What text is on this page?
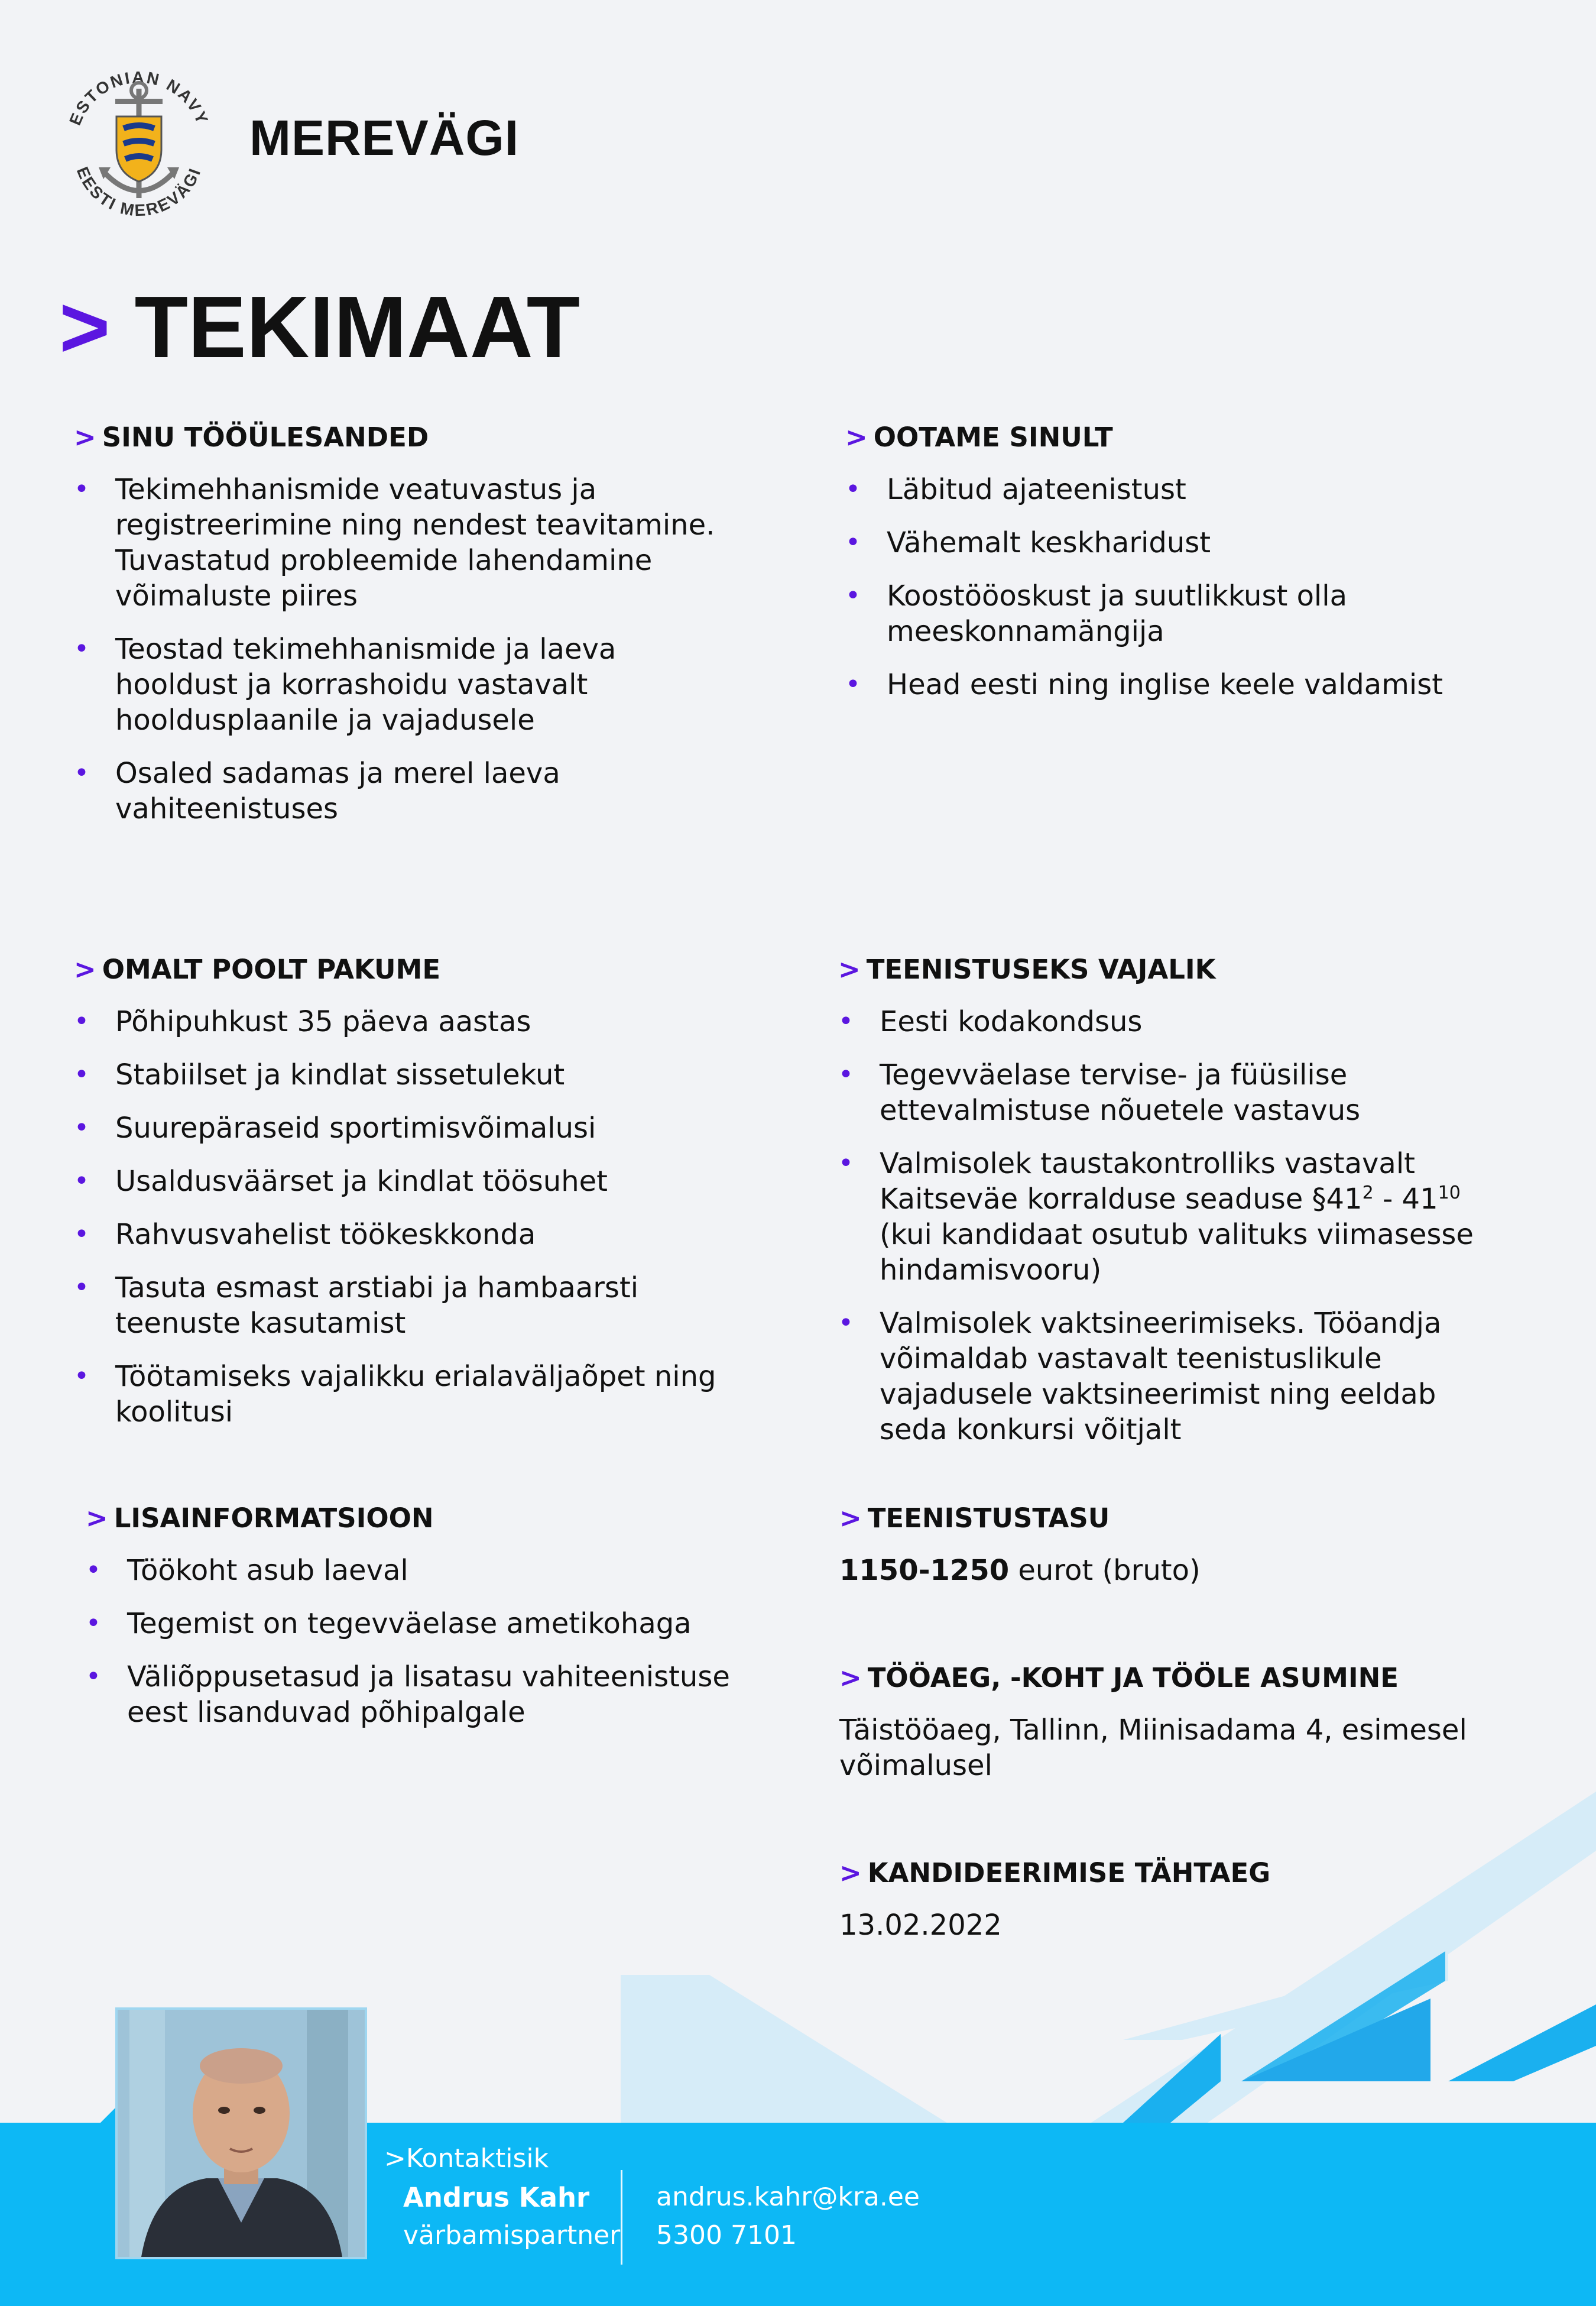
ESTONIAN NAVY
EESTI MEREVÄGI
MEREVÄGI
> TEKIMAAT
> SINU TÖÖÜLESANDED
• Tekimehhanismide veatuvastus ja registreerimine ning nendest teavitamine. Tuvastatud probleemide lahendamine võimaluste piires
• Teostad tekimehhanismide ja laeva hooldust ja korrashoidu vastavalt hooldusplaanile ja vajadusele
• Osaled sadamas ja merel laeva vahiteenistuses
> OOTAME SINULT
• Läbitud ajateenistust
• Vähemalt keskharidust
• Koostööoskust ja suutlikkust olla meeskonnamängija
• Head eesti ning inglise keele valdamist
> OMALT POOLT PAKUME
• Põhipuhkust 35 päeva aastas
• Stabiilset ja kindlat sissetulekut
• Suurepäraseid sportimisvõimalusi
• Usaldusväärset ja kindlat töösuhet
• Rahvusvahelist töökeskkonda
• Tasuta esmast arstiabi ja hambaarsti teenuste kasutamist
• Töötamiseks vajalikku erialaväljaõpet ning koolitusi
> TEENISTUSEKS VAJALIK
• Eesti kodakondsus
• Tegevväelase tervise- ja füüsilise ettevalmistuse nõuetele vastavus
• Valmisolek taustakontrolliks vastavalt Kaitseväe korralduse seaduse $\S 41^2 - 41^{10}$ (kui kandidaat osutub valituks viimasesse hindamisvooru)
• Valmisolek vaktsineerimiseks. Tööandja võimaldab vastavalt teenistuslikule vajadusele vaktsineerimist ning eeldab seda konkursi võitjalt
> LISAINFORMATSIOON
• Töökoht asub laeval
• Tegemist on tegevväelase ametikohaga
• Väliõppusetasud ja lisatasu vahiteenistuse eest lisanduvad põhipalgale
> TEENISTUSTASU
1150-1250 eurot (bruto)
> TÖÖAEG, -KOHT JA TÖÖLE ASUMINE
Täistööaeg, Tallinn, Miinisadama 4, esimesel võimalusel
> KANDIDEERIMISE TÄHTAEG
13.02.2022
>Kontaktisik
Andrus Kahr
värbamispartner
andrus.kahr@kra.ee
5300 7101
